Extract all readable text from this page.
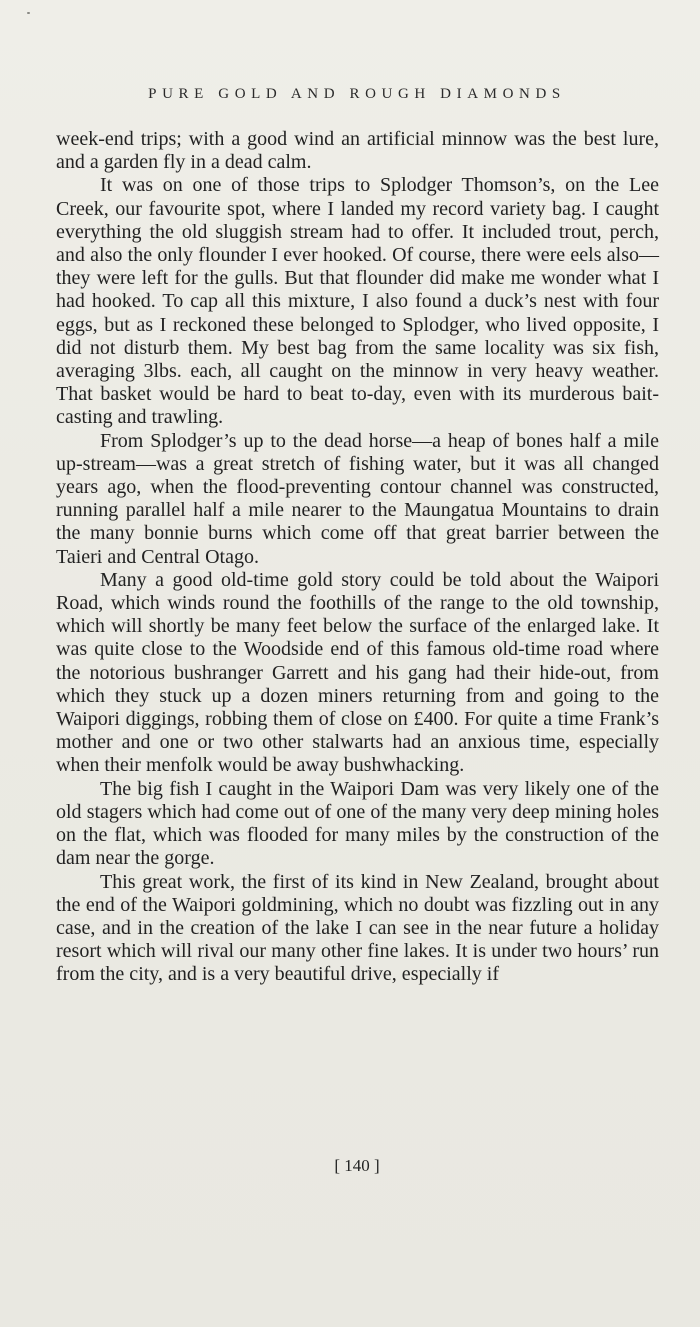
PURE GOLD AND ROUGH DIAMONDS

week-end trips; with a good wind an artificial minnow was the best lure, and a garden fly in a dead calm.

It was on one of those trips to Splodger Thomson’s, on the Lee Creek, our favourite spot, where I landed my record variety bag. I caught everything the old sluggish stream had to offer. It included trout, perch, and also the only flounder I ever hooked. Of course, there were eels also—they were left for the gulls. But that flounder did make me wonder what I had hooked. To cap all this mixture, I also found a duck’s nest with four eggs, but as I reckoned these belonged to Splodger, who lived opposite, I did not disturb them. My best bag from the same locality was six fish, averaging 3lbs. each, all caught on the minnow in very heavy weather. That basket would be hard to beat to-day, even with its murderous bait-casting and trawling.

From Splodger’s up to the dead horse—a heap of bones half a mile up-stream—was a great stretch of fishing water, but it was all changed years ago, when the flood-preventing contour channel was constructed, running parallel half a mile nearer to the Maungatua Mountains to drain the many bonnie burns which come off that great barrier between the Taieri and Central Otago.

Many a good old-time gold story could be told about the Waipori Road, which winds round the foothills of the range to the old township, which will shortly be many feet below the surface of the enlarged lake. It was quite close to the Woodside end of this famous old-time road where the notorious bushranger Garrett and his gang had their hide-out, from which they stuck up a dozen miners returning from and going to the Waipori diggings, robbing them of close on £400. For quite a time Frank’s mother and one or two other stalwarts had an anxious time, especially when their menfolk would be away bushwhacking.

The big fish I caught in the Waipori Dam was very likely one of the old stagers which had come out of one of the many very deep mining holes on the flat, which was flooded for many miles by the construction of the dam near the gorge.

This great work, the first of its kind in New Zealand, brought about the end of the Waipori goldmining, which no doubt was fizzling out in any case, and in the creation of the lake I can see in the near future a holiday resort which will rival our many other fine lakes. It is under two hours’ run from the city, and is a very beautiful drive, especially if

[ 140 ]
